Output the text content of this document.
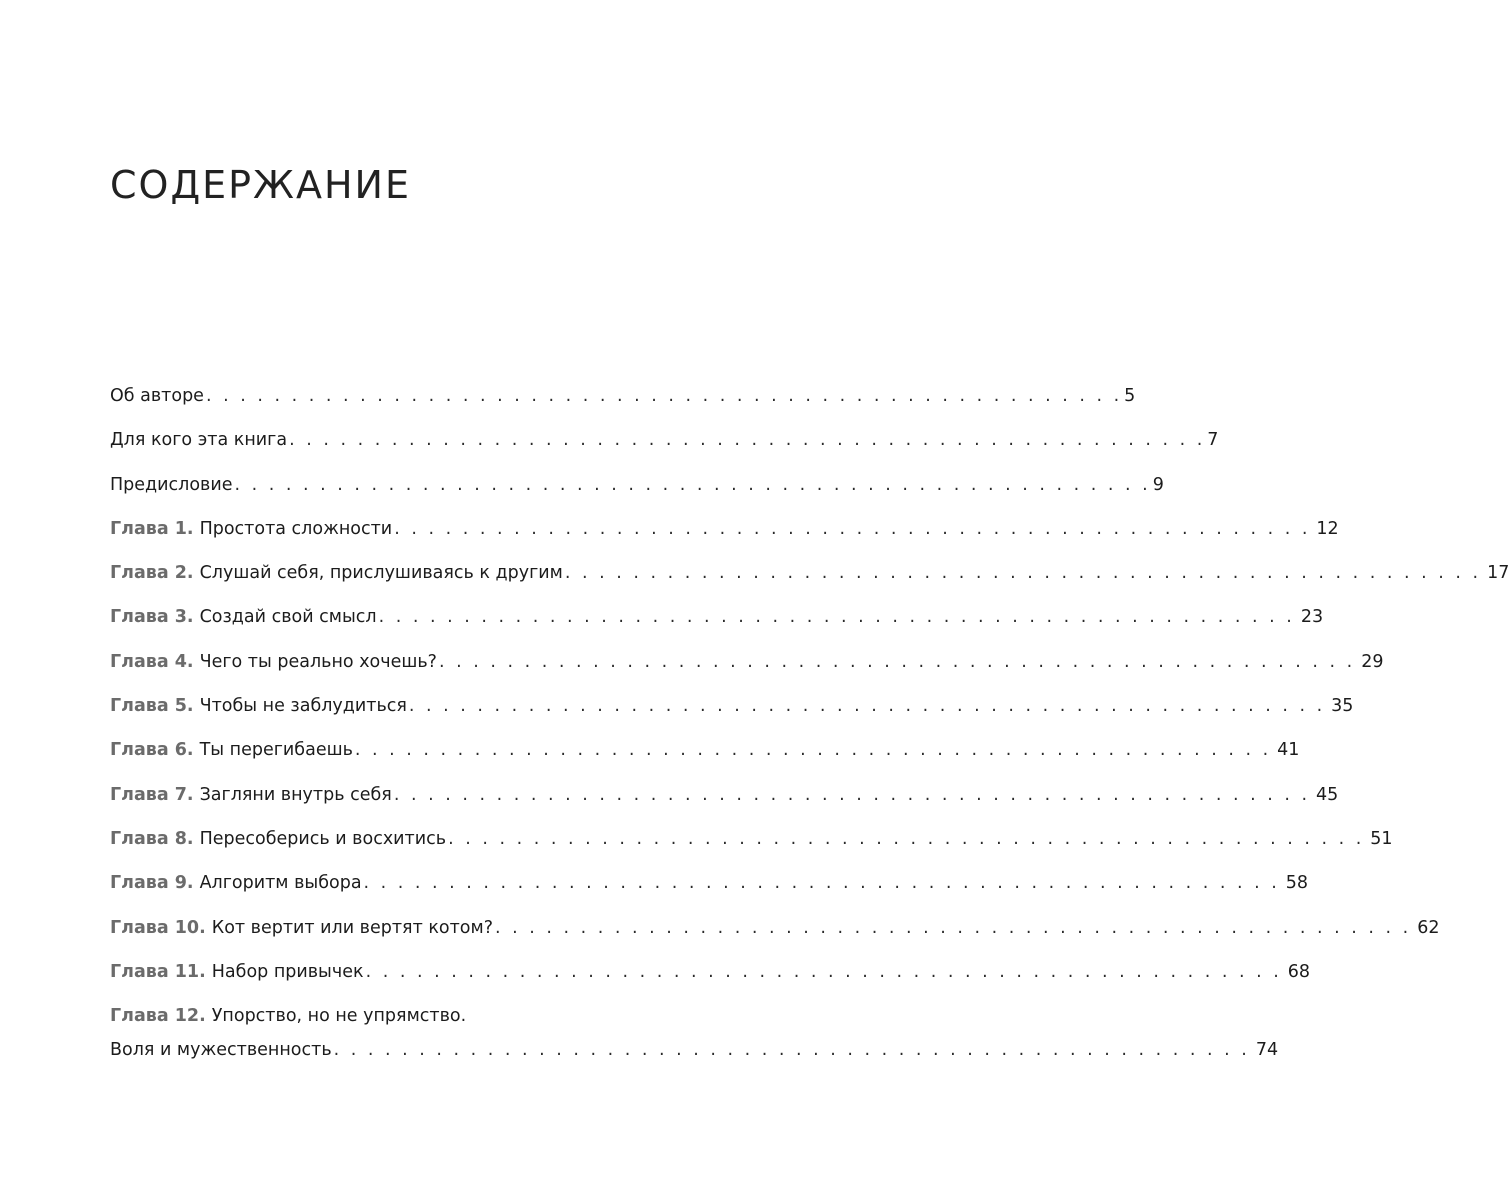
СОДЕРЖАНИЕ
Об авторе . . . . . . . . . . . . . . . . . . . . . . . . . . . . . . . . . . . . . . . . . . . . . . . . . . . . . . 5
Для кого эта книга . . . . . . . . . . . . . . . . . . . . . . . . . . . . . . . . . . . . . . . . . . . . . . . . . . . . . . 7
Предисловие . . . . . . . . . . . . . . . . . . . . . . . . . . . . . . . . . . . . . . . . . . . . . . . . . . . . . . 9
Глава 1. Простота сложности . . . . . . . . . . . . . . . . . . . . . . . . . . . . . . . . . . . . . . . . . . . . . . . . . . . . . . 12
Глава 2. Слушай себя, прислушиваясь к другим . . . . . . . . . . . . . . . . . . . . . . . . . . . . . . . . . . . . . . . . . . . . . . . . . . . . . . 17
Глава 3. Создай свой смысл . . . . . . . . . . . . . . . . . . . . . . . . . . . . . . . . . . . . . . . . . . . . . . . . . . . . . . 23
Глава 4. Чего ты реально хочешь? . . . . . . . . . . . . . . . . . . . . . . . . . . . . . . . . . . . . . . . . . . . . . . . . . . . . . . 29
Глава 5. Чтобы не заблудиться . . . . . . . . . . . . . . . . . . . . . . . . . . . . . . . . . . . . . . . . . . . . . . . . . . . . . . 35
Глава 6. Ты перегибаешь . . . . . . . . . . . . . . . . . . . . . . . . . . . . . . . . . . . . . . . . . . . . . . . . . . . . . . 41
Глава 7. Загляни внутрь себя . . . . . . . . . . . . . . . . . . . . . . . . . . . . . . . . . . . . . . . . . . . . . . . . . . . . . . 45
Глава 8. Пересоберись и восхитись . . . . . . . . . . . . . . . . . . . . . . . . . . . . . . . . . . . . . . . . . . . . . . . . . . . . . . 51
Глава 9. Алгоритм выбора . . . . . . . . . . . . . . . . . . . . . . . . . . . . . . . . . . . . . . . . . . . . . . . . . . . . . . 58
Глава 10. Кот вертит или вертят котом? . . . . . . . . . . . . . . . . . . . . . . . . . . . . . . . . . . . . . . . . . . . . . . . . . . . . . . 62
Глава 11. Набор привычек . . . . . . . . . . . . . . . . . . . . . . . . . . . . . . . . . . . . . . . . . . . . . . . . . . . . . . 68
Глава 12. Упорство, но не упрямство.
Воля и мужественность . . . . . . . . . . . . . . . . . . . . . . . . . . . . . . . . . . . . . . . . . . . . . . . . . . . . . . 74
